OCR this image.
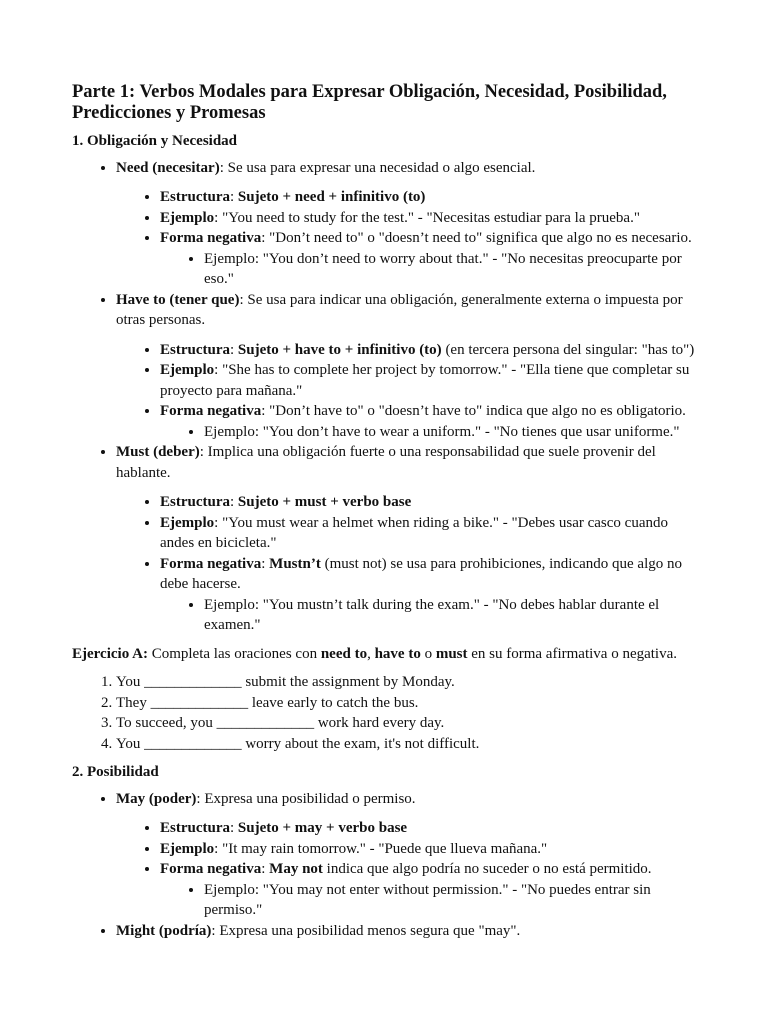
Parte 1: Verbos Modales para Expresar Obligación, Necesidad, Posibilidad, Predicciones y Promesas
1. Obligación y Necesidad
• Need (necesitar): Se usa para expresar una necesidad o algo esencial.
• Estructura: Sujeto + need + infinitivo (to)
• Ejemplo: "You need to study for the test." - "Necesitas estudiar para la prueba."
• Forma negativa: "Don’t need to" o "doesn’t need to" significa que algo no es necesario.
• Ejemplo: "You don’t need to worry about that." - "No necesitas preocuparte por eso."
• Have to (tener que): Se usa para indicar una obligación, generalmente externa o impuesta por otras personas.
• Estructura: Sujeto + have to + infinitivo (to) (en tercera persona del singular: "has to")
• Ejemplo: "She has to complete her project by tomorrow." - "Ella tiene que completar su proyecto para mañana."
• Forma negativa: "Don’t have to" o "doesn’t have to" indica que algo no es obligatorio.
• Ejemplo: "You don’t have to wear a uniform." - "No tienes que usar uniforme."
• Must (deber): Implica una obligación fuerte o una responsabilidad que suele provenir del hablante.
• Estructura: Sujeto + must + verbo base
• Ejemplo: "You must wear a helmet when riding a bike." - "Debes usar casco cuando andes en bicicleta."
• Forma negativa: Mustn’t (must not) se usa para prohibiciones, indicando que algo no debe hacerse.
• Ejemplo: "You mustn’t talk during the exam." - "No debes hablar durante el examen."

Ejercicio A: Completa las oraciones con need to, have to o must en su forma afirmativa o negativa.

1. You _____________ submit the assignment by Monday.
2. They _____________ leave early to catch the bus.
3. To succeed, you _____________ work hard every day.
4. You _____________ worry about the exam, it's not difficult.
2. Posibilidad
• May (poder): Expresa una posibilidad o permiso.
• Estructura: Sujeto + may + verbo base
• Ejemplo: "It may rain tomorrow." - "Puede que llueva mañana."
• Forma negativa: May not indica que algo podría no suceder o no está permitido.
• Ejemplo: "You may not enter without permission." - "No puedes entrar sin permiso."
• Might (podría): Expresa una posibilidad menos segura que "may".
